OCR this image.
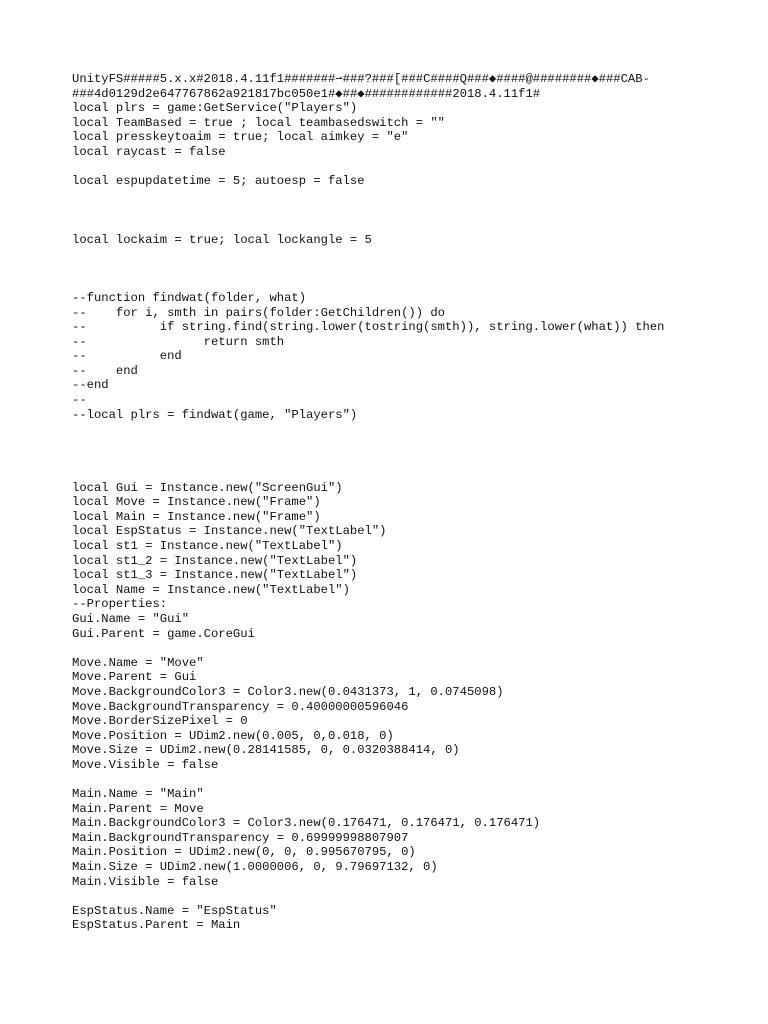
UnityFS#####5.x.x#2018.4.11f1#######⇀###?###[###C####Q###◆####@########◆###CAB-
###4d0129d2e647767862a921817bc050e1#◆##◆############2018.4.11f1#
local plrs = game:GetService("Players")
local TeamBased = true ; local teambasedswitch = ""
local presskeytoaim = true; local aimkey = "e"
local raycast = false
local espupdatetime = 5; autoesp = false
local lockaim = true; local lockangle = 5
--function findwat(folder, what)
--    for i, smth in pairs(folder:GetChildren()) do
--          if string.find(string.lower(tostring(smth)), string.lower(what)) then
--                return smth
--          end
--    end
--end
--
--local plrs = findwat(game, "Players")
local Gui = Instance.new("ScreenGui")
local Move = Instance.new("Frame")
local Main = Instance.new("Frame")
local EspStatus = Instance.new("TextLabel")
local st1 = Instance.new("TextLabel")
local st1_2 = Instance.new("TextLabel")
local st1_3 = Instance.new("TextLabel")
local Name = Instance.new("TextLabel")
--Properties:
Gui.Name = "Gui"
Gui.Parent = game.CoreGui
Move.Name = "Move"
Move.Parent = Gui
Move.BackgroundColor3 = Color3.new(0.0431373, 1, 0.0745098)
Move.BackgroundTransparency = 0.40000000596046
Move.BorderSizePixel = 0
Move.Position = UDim2.new(0.005, 0,0.018, 0)
Move.Size = UDim2.new(0.28141585, 0, 0.0320388414, 0)
Move.Visible = false
Main.Name = "Main"
Main.Parent = Move
Main.BackgroundColor3 = Color3.new(0.176471, 0.176471, 0.176471)
Main.BackgroundTransparency = 0.69999998807907
Main.Position = UDim2.new(0, 0, 0.995670795, 0)
Main.Size = UDim2.new(1.0000006, 0, 9.79697132, 0)
Main.Visible = false
EspStatus.Name = "EspStatus"
EspStatus.Parent = Main
